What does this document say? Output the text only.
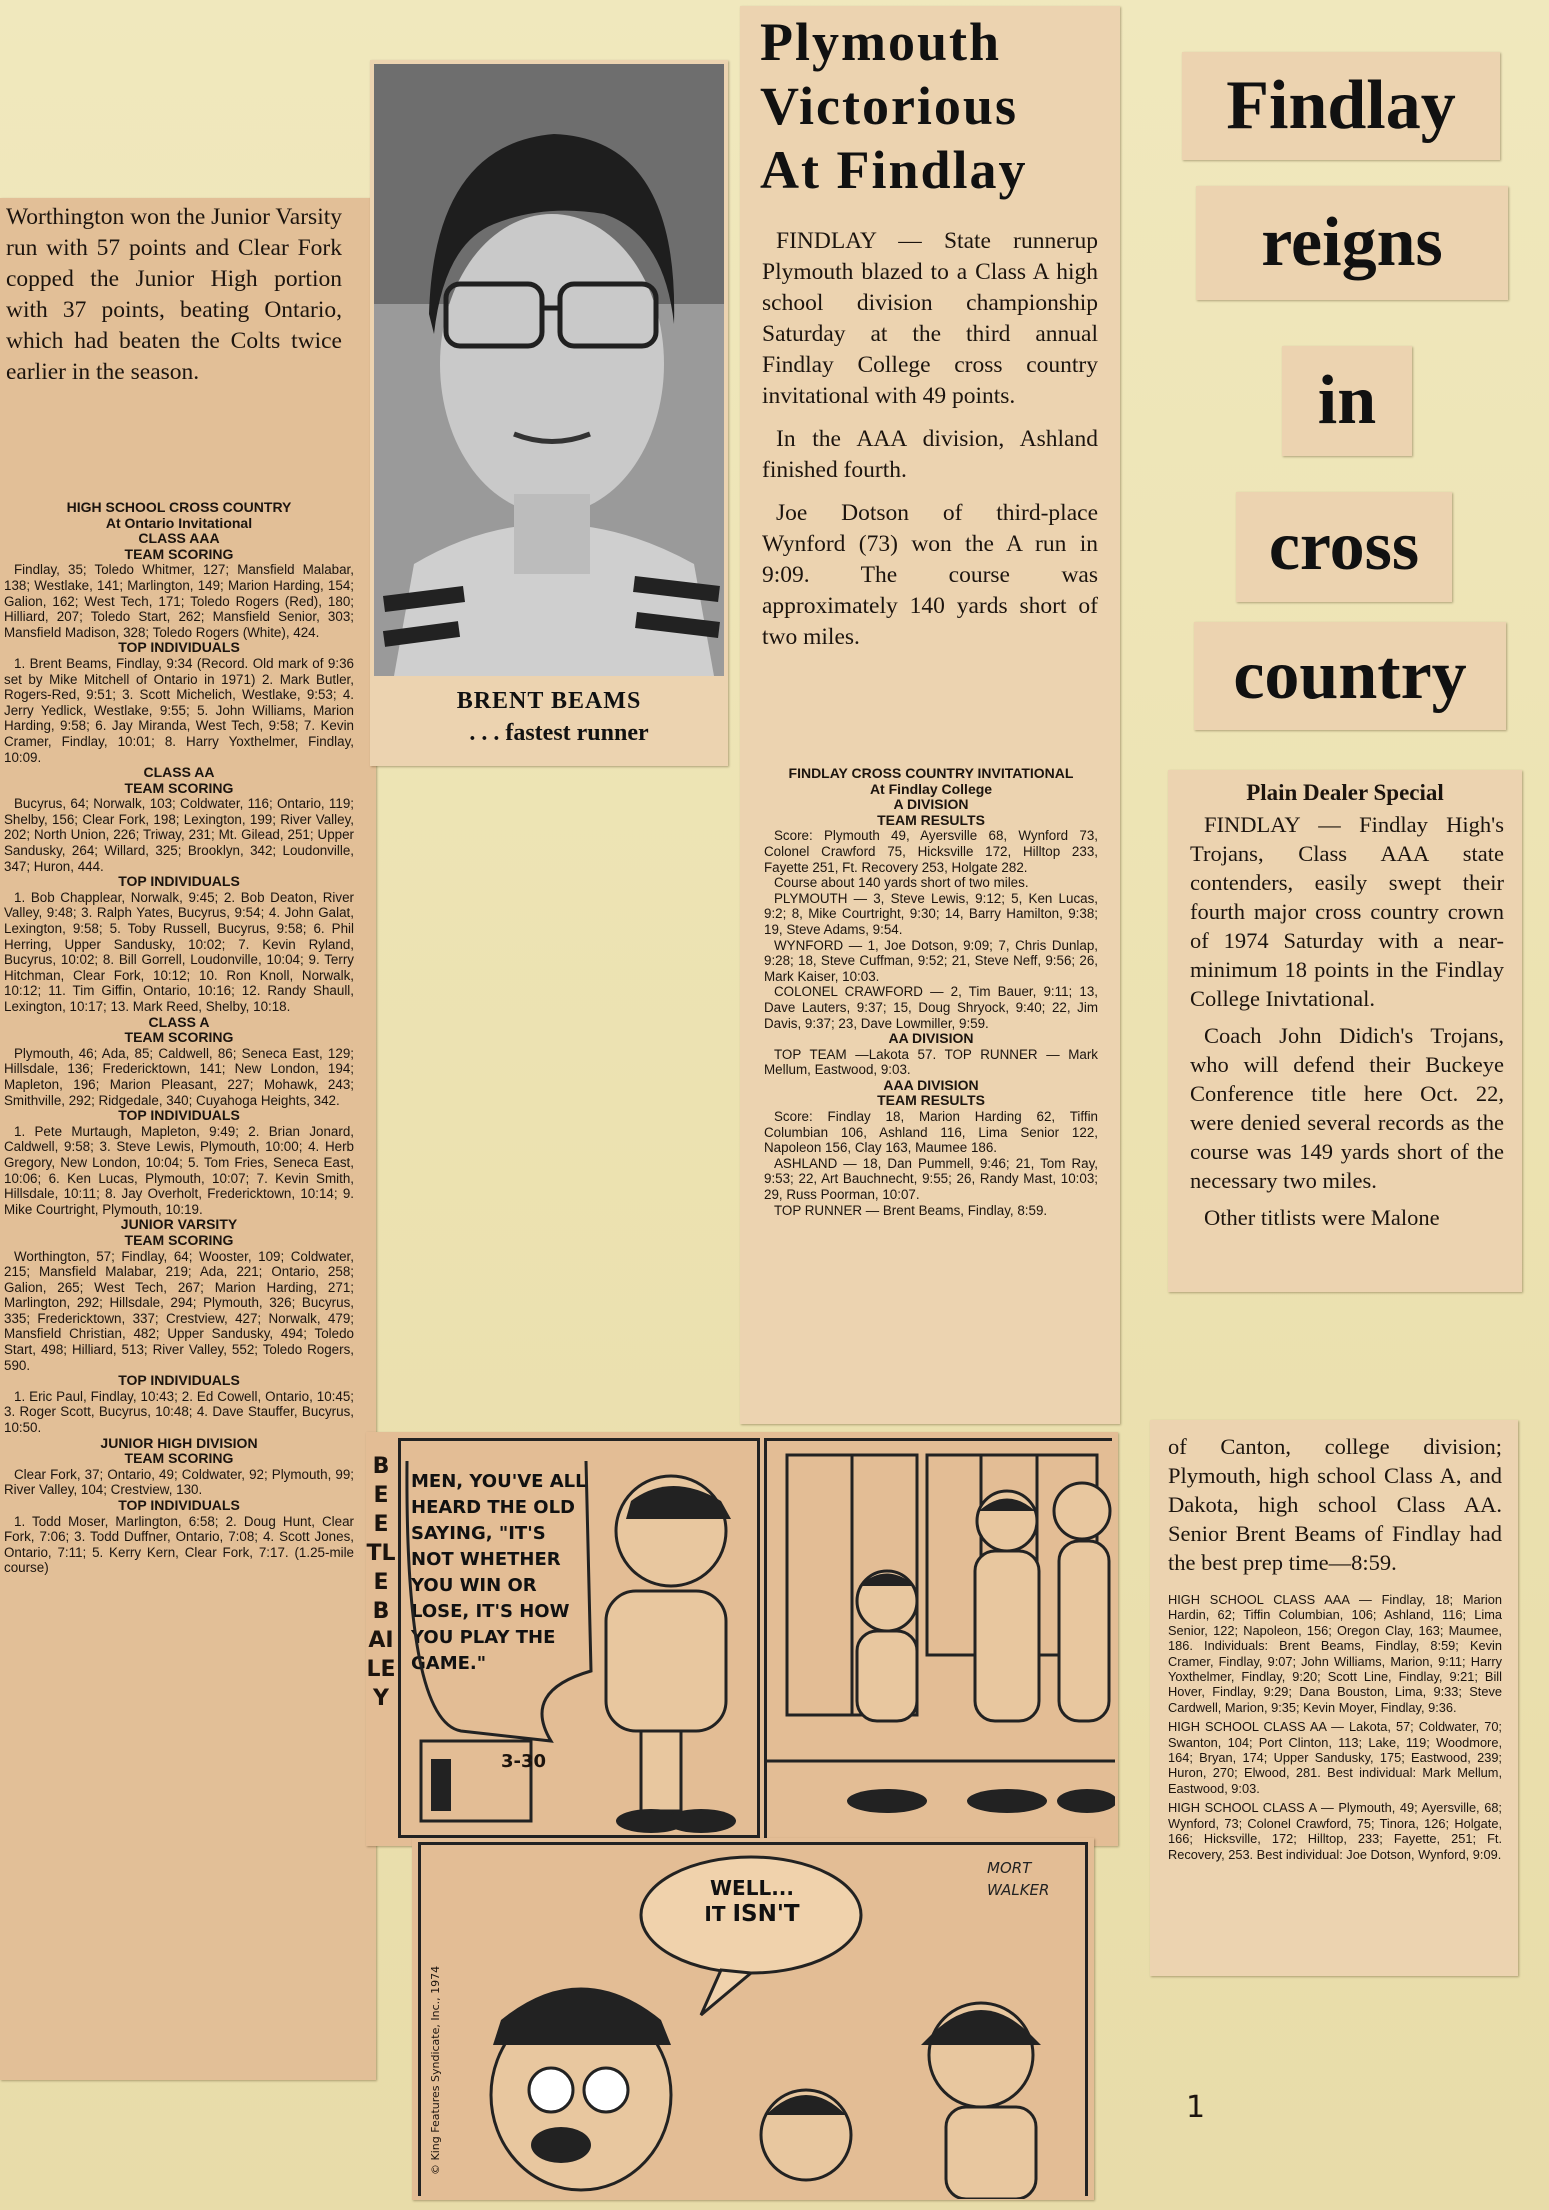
Worthington won the Junior Varsity run with 57 points and Clear Fork copped the Junior High portion with 37 points, beating Ontario, which had beaten the Colts twice earlier in the season.
HIGH SCHOOL CROSS COUNTRY
At Ontario Invitational
CLASS AAA
TEAM SCORING
Findlay, 35; Toledo Whitmer, 127; Mansfield Malabar, 138; Westlake, 141; Marlington, 149; Marion Harding, 154; Galion, 162; West Tech, 171; Toledo Rogers (Red), 180; Hilliard, 207; Toledo Start, 262; Mansfield Senior, 303; Mansfield Madison, 328; Toledo Rogers (White), 424.
TOP INDIVIDUALS
1. Brent Beams, Findlay, 9:34 (Record. Old mark of 9:36 set by Mike Mitchell of Ontario in 1971) 2. Mark Butler, Rogers-Red, 9:51; 3. Scott Michelich, Westlake, 9:53; 4. Jerry Yedlick, Westlake, 9:55; 5. John Williams, Marion Harding, 9:58; 6. Jay Miranda, West Tech, 9:58; 7. Kevin Cramer, Findlay, 10:01; 8. Harry Yoxthelmer, Findlay, 10:09.
CLASS AA
TEAM SCORING
Bucyrus, 64; Norwalk, 103; Coldwater, 116; Ontario, 119; Shelby, 156; Clear Fork, 198; Lexington, 199; River Valley, 202; North Union, 226; Triway, 231; Mt. Gilead, 251; Upper Sandusky, 264; Willard, 325; Brooklyn, 342; Loudonville, 347; Huron, 444.
TOP INDIVIDUALS
1. Bob Chapplear, Norwalk, 9:45; 2. Bob Deaton, River Valley, 9:48; 3. Ralph Yates, Bucyrus, 9:54; 4. John Galat, Lexington, 9:58; 5. Toby Russell, Bucyrus, 9:58; 6. Phil Herring, Upper Sandusky, 10:02; 7. Kevin Ryland, Bucyrus, 10:02; 8. Bill Gorrell, Loudonville, 10:04; 9. Terry Hitchman, Clear Fork, 10:12; 10. Ron Knoll, Norwalk, 10:12; 11. Tim Giffin, Ontario, 10:16; 12. Randy Shaull, Lexington, 10:17; 13. Mark Reed, Shelby, 10:18.
CLASS A
TEAM SCORING
Plymouth, 46; Ada, 85; Caldwell, 86; Seneca East, 129; Hillsdale, 136; Fredericktown, 141; New London, 194; Mapleton, 196; Marion Pleasant, 227; Mohawk, 243; Smithville, 292; Ridgedale, 340; Cuyahoga Heights, 342.
TOP INDIVIDUALS
1. Pete Murtaugh, Mapleton, 9:49; 2. Brian Jonard, Caldwell, 9:58; 3. Steve Lewis, Plymouth, 10:00; 4. Herb Gregory, New London, 10:04; 5. Tom Fries, Seneca East, 10:06; 6. Ken Lucas, Plymouth, 10:07; 7. Kevin Smith, Hillsdale, 10:11; 8. Jay Overholt, Fredericktown, 10:14; 9. Mike Courtright, Plymouth, 10:19.
JUNIOR VARSITY
TEAM SCORING
Worthington, 57; Findlay, 64; Wooster, 109; Coldwater, 215; Mansfield Malabar, 219; Ada, 221; Ontario, 258; Galion, 265; West Tech, 267; Marion Harding, 271; Marlington, 292; Hillsdale, 294; Plymouth, 326; Bucyrus, 335; Fredericktown, 337; Crestview, 427; Norwalk, 479; Mansfield Christian, 482; Upper Sandusky, 494; Toledo Start, 498; Hilliard, 513; River Valley, 552; Toledo Rogers, 590.
TOP INDIVIDUALS
1. Eric Paul, Findlay, 10:43; 2. Ed Cowell, Ontario, 10:45; 3. Roger Scott, Bucyrus, 10:48; 4. Dave Stauffer, Bucyrus, 10:50.
JUNIOR HIGH DIVISION
TEAM SCORING
Clear Fork, 37; Ontario, 49; Coldwater, 92; Plymouth, 99; River Valley, 104; Crestview, 130.
TOP INDIVIDUALS
1. Todd Moser, Marlington, 6:58; 2. Doug Hunt, Clear Fork, 7:06; 3. Todd Duffner, Ontario, 7:08; 4. Scott Jones, Ontario, 7:11; 5. Kerry Kern, Clear Fork, 7:17. (1.25-mile course)
BRENT BEAMS
. . . fastest runner
Plymouth
Victorious
At Findlay

FINDLAY — State runnerup Plymouth blazed to a Class A high school division championship Saturday at the third annual Findlay College cross country invitational with 49 points.

In the AAA division, Ashland finished fourth.

Joe Dotson of third-place Wynford (73) won the A run in 9:09. The course was approximately 140 yards short of two miles.

FINDLAY CROSS COUNTRY INVITATIONAL
At Findlay College
A DIVISION
TEAM RESULTS
Score: Plymouth 49, Ayersville 68, Wynford 73, Colonel Crawford 75, Hicksville 172, Hilltop 233, Fayette 251, Ft. Recovery 253, Holgate 282.
Course about 140 yards short of two miles.
PLYMOUTH — 3, Steve Lewis, 9:12; 5, Ken Lucas, 9:2; 8, Mike Courtright, 9:30; 14, Barry Hamilton, 9:38; 19, Steve Adams, 9:54.
WYNFORD — 1, Joe Dotson, 9:09; 7, Chris Dunlap, 9:28; 18, Steve Cuffman, 9:52; 21, Steve Neff, 9:56; 26, Mark Kaiser, 10:03.
COLONEL CRAWFORD — 2, Tim Bauer, 9:11; 13, Dave Lauters, 9:37; 15, Doug Shryock, 9:40; 22, Jim Davis, 9:37; 23, Dave Lowmiller, 9:59.
AA DIVISION
TOP TEAM —Lakota 57. TOP RUNNER — Mark Mellum, Eastwood, 9:03.
AAA DIVISION
TEAM RESULTS
Score: Findlay 18, Marion Harding 62, Tiffin Columbian 106, Ashland 116, Lima Senior 122, Napoleon 156, Clay 163, Maumee 186.
ASHLAND — 18, Dan Pummell, 9:46; 21, Tom Ray, 9:53; 22, Art Bauchnecht, 9:55; 26, Randy Mast, 10:03; 29, Russ Poorman, 10:07.
TOP RUNNER — Brent Beams, Findlay, 8:59.
Findlay
reigns
in
cross
country
Plain Dealer Special

FINDLAY — Findlay High's Trojans, Class AAA state contenders, easily swept their fourth major cross country crown of 1974 Saturday with a near-minimum 18 points in the Findlay College Inivtational.

Coach John Didich's Trojans, who will defend their Buckeye Conference title here Oct. 22, were denied several records as the course was 149 yards short of the necessary two miles.

Other titlists were Malone

of Canton, college division; Plymouth, high school Class A, and Dakota, high school Class AA. Senior Brent Beams of Findlay had the best prep time—8:59.

HIGH SCHOOL CLASS AAA — Findlay, 18; Marion Hardin, 62; Tiffin Columbian, 106; Ashland, 116; Lima Senior, 122; Napoleon, 156; Oregon Clay, 163; Maumee, 186. Individuals: Brent Beams, Findlay, 8:59; Kevin Cramer, Findlay, 9:07; John Williams, Marion, 9:11; Harry Yoxthelmer, Findlay, 9:20; Scott Line, Findlay, 9:21; Bill Hover, Findlay, 9:29; Dana Bouston, Lima, 9:33; Steve Cardwell, Marion, 9:35; Kevin Moyer, Findlay, 9:36.

HIGH SCHOOL CLASS AA — Lakota, 57; Coldwater, 70; Swanton, 104; Port Clinton, 113; Lake, 119; Woodmore, 164; Bryan, 174; Upper Sandusky, 175; Eastwood, 239; Huron, 270; Elwood, 281. Best individual: Mark Mellum, Eastwood, 9:03.

HIGH SCHOOL CLASS A — Plymouth, 49; Ayersville, 68; Wynford, 73; Colonel Crawford, 75; Tinora, 126; Holgate, 166; Hicksville, 172; Hilltop, 233; Fayette, 251; Ft. Recovery, 253. Best individual: Joe Dotson, Wynford, 9:09.

BEETLE BAILEY
MEN, YOU'VE ALL HEARD THE OLD SAYING, "IT'S NOT WHETHER YOU WIN OR LOSE, IT'S HOW YOU PLAY THE GAME."
3-30
WELL...
IT ISN'T
MORT WALKER
© King Features Syndicate, Inc., 1974	1
